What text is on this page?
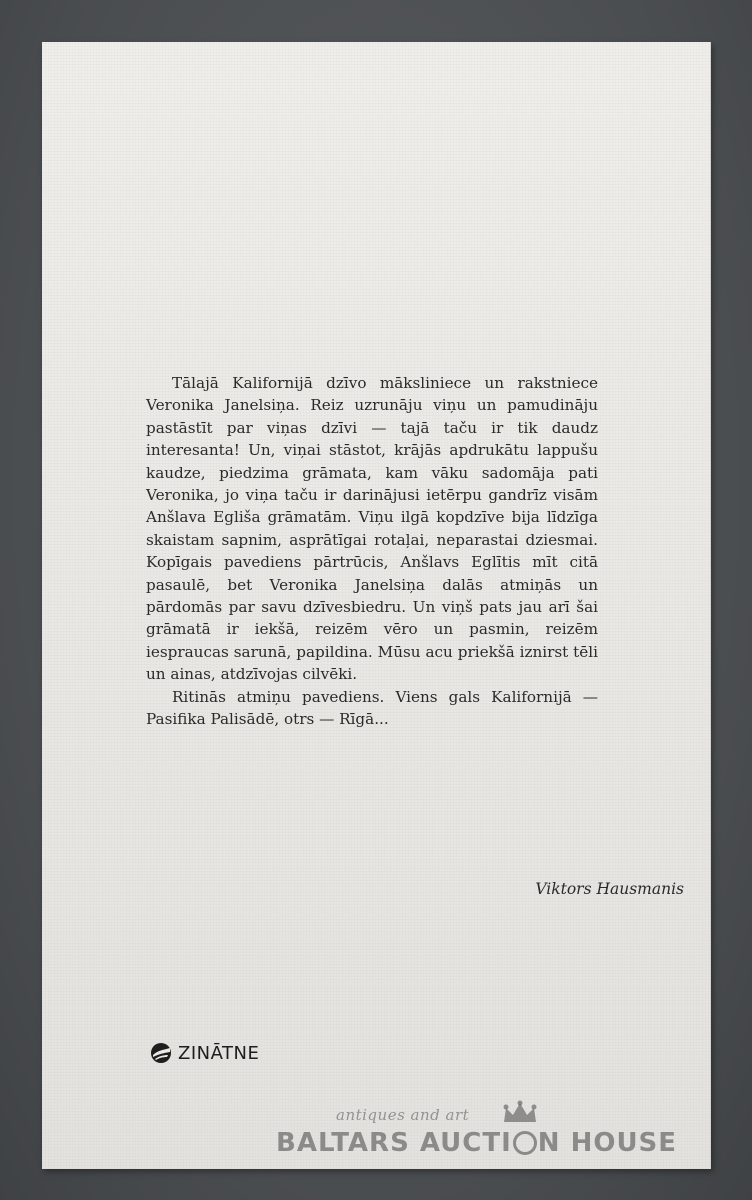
Tālajā Kalifornijā dzīvo māksliniece un rakstniece Veronika Janelsiņa. Reiz uzrunāju viņu un pamudināju pastāstīt par viņas dzīvi — tajā taču ir tik daudz interesanta! Un, viņai stāstot, krājās apdrukātu lappušu kaudze, piedzima grāmata, kam vāku sadomāja pati Veronika, jo viņa taču ir darinājusi ietērpu gandrīz visām Anšlava Egliša grāmatām. Viņu ilgā kopdzīve bija līdzīga skaistam sapnim, asprātīgai rotaļai, neparastai dziesmai. Kopīgais pavediens pārtrūcis, Anšlavs Eglītis mīt citā pasaulē, bet Veronika Janelsiņa dalās atmiņās un pārdomās par savu dzīvesbiedru. Un viņš pats jau arī šai grāmatā ir iekšā, reizēm vēro un pasmin, reizēm iespraucas sarunā, papildina. Mūsu acu priekšā iznirst tēli un ainas, atdzīvojas cilvēki.

Ritinās atmiņu pavediens. Viens gals Kalifornijā — Pasifika Palisādē, otrs — Rīgā...

Viktors Hausmanis
ZINĀTNE
antiques and art
BALTARS AUCTI N HOUSE
